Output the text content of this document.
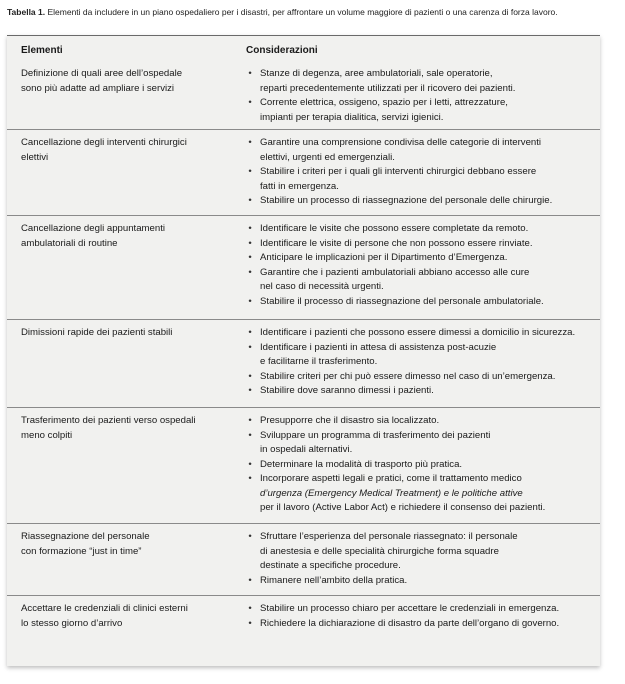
Tabella 1. Elementi da includere in un piano ospedaliero per i disastri, per affrontare un volume maggiore di pazienti o una carenza di forza lavoro.
Elementi	Considerazioni
Definizione di quali aree dell’ospedale
sono più adatte ad ampliare i servizi
• Stanze di degenza, aree ambulatoriali, sale operatorie,
reparti precedentemente utilizzati per il ricovero dei pazienti.
• Corrente elettrica, ossigeno, spazio per i letti, attrezzature,
impianti per terapia dialitica, servizi igienici.
Cancellazione degli interventi chirurgici
elettivi
• Garantire una comprensione condivisa delle categorie di interventi
elettivi, urgenti ed emergenziali.
• Stabilire i criteri per i quali gli interventi chirurgici debbano essere
fatti in emergenza.
• Stabilire un processo di riassegnazione del personale delle chirurgie.
Cancellazione degli appuntamenti
ambulatoriali di routine
• Identificare le visite che possono essere completate da remoto.
• Identificare le visite di persone che non possono essere rinviate.
• Anticipare le implicazioni per il Dipartimento d’Emergenza.
• Garantire che i pazienti ambulatoriali abbiano accesso alle cure
nel caso di necessità urgenti.
• Stabilire il processo di riassegnazione del personale ambulatoriale.
Dimissioni rapide dei pazienti stabili	• Identificare i pazienti che possono essere dimessi a domicilio in sicurezza.
• Identificare i pazienti in attesa di assistenza post-acuzie
e facilitarne il trasferimento.
• Stabilire criteri per chi può essere dimesso nel caso di un’emergenza.
• Stabilire dove saranno dimessi i pazienti.
Trasferimento dei pazienti verso ospedali
meno colpiti
• Presupporre che il disastro sia localizzato.
• Sviluppare un programma di trasferimento dei pazienti
in ospedali alternativi.
• Determinare la modalità di trasporto più pratica.
• Incorporare aspetti legali e pratici, come il trattamento medico
d’urgenza (Emergency Medical Treatment) e le politiche attive
per il lavoro (Active Labor Act) e richiedere il consenso dei pazienti.
Riassegnazione del personale
con formazione “just in time”
• Sfruttare l’esperienza del personale riassegnato: il personale
di anestesia e delle specialità chirurgiche forma squadre
destinate a specifiche procedure.
• Rimanere nell’ambito della pratica.
Accettare le credenziali di clinici esterni
lo stesso giorno d’arrivo
• Stabilire un processo chiaro per accettare le credenziali in emergenza.
• Richiedere la dichiarazione di disastro da parte dell’organo di governo.
